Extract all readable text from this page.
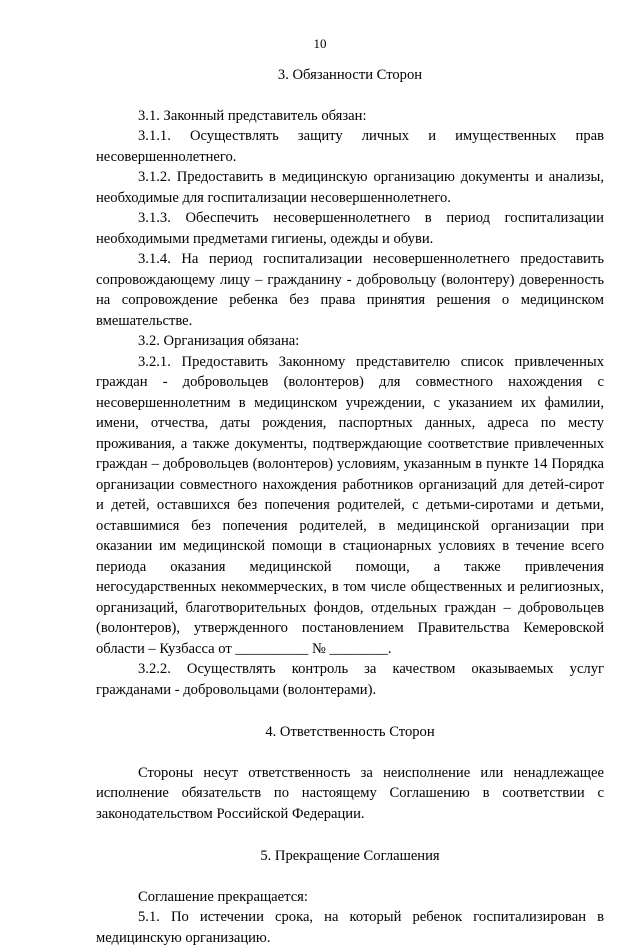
10
3. Обязанности Сторон

3.1. Законный представитель обязан:

3.1.1. Осуществлять защиту личных и имущественных прав несовершеннолетнего.

3.1.2. Предоставить в медицинскую организацию документы и анализы, необходимые для госпитализации несовершеннолетнего.

3.1.3. Обеспечить несовершеннолетнего в период госпитализации необходимыми предметами гигиены, одежды и обуви.

3.1.4. На период госпитализации несовершеннолетнего предоставить сопровождающему лицу – гражданину - добровольцу (волонтеру) доверенность на сопровождение ребенка без права принятия решения о медицинском вмешательстве.

3.2. Организация обязана:

3.2.1. Предоставить Законному представителю список привлеченных граждан - добровольцев (волонтеров) для совместного нахождения с несовершеннолетним в медицинском учреждении, с указанием их фамилии, имени, отчества, даты рождения, паспортных данных, адреса по месту проживания, а также документы, подтверждающие соответствие привлеченных граждан – добровольцев (волонтеров) условиям, указанным в пункте 14 Порядка организации совместного нахождения работников организаций для детей-сирот и детей, оставшихся без попечения родителей, с детьми-сиротами и детьми, оставшимися без попечения родителей, в медицинской организации при оказании им медицинской помощи в стационарных условиях в течение всего периода оказания медицинской помощи, а также привлечения негосударственных некоммерческих, в том числе общественных и религиозных, организаций, благотворительных фондов, отдельных граждан – добровольцев (волонтеров), утвержденного постановлением Правительства Кемеровской области – Кузбасса от __________ № ________.

3.2.2. Осуществлять контроль за качеством оказываемых услуг гражданами - добровольцами (волонтерами).

4. Ответственность Сторон

Стороны несут ответственность за неисполнение или ненадлежащее исполнение обязательств по настоящему Соглашению в соответствии с законодательством Российской Федерации.

5. Прекращение Соглашения

Соглашение прекращается:

5.1. По истечении срока, на который ребенок госпитализирован в медицинскую организацию.
